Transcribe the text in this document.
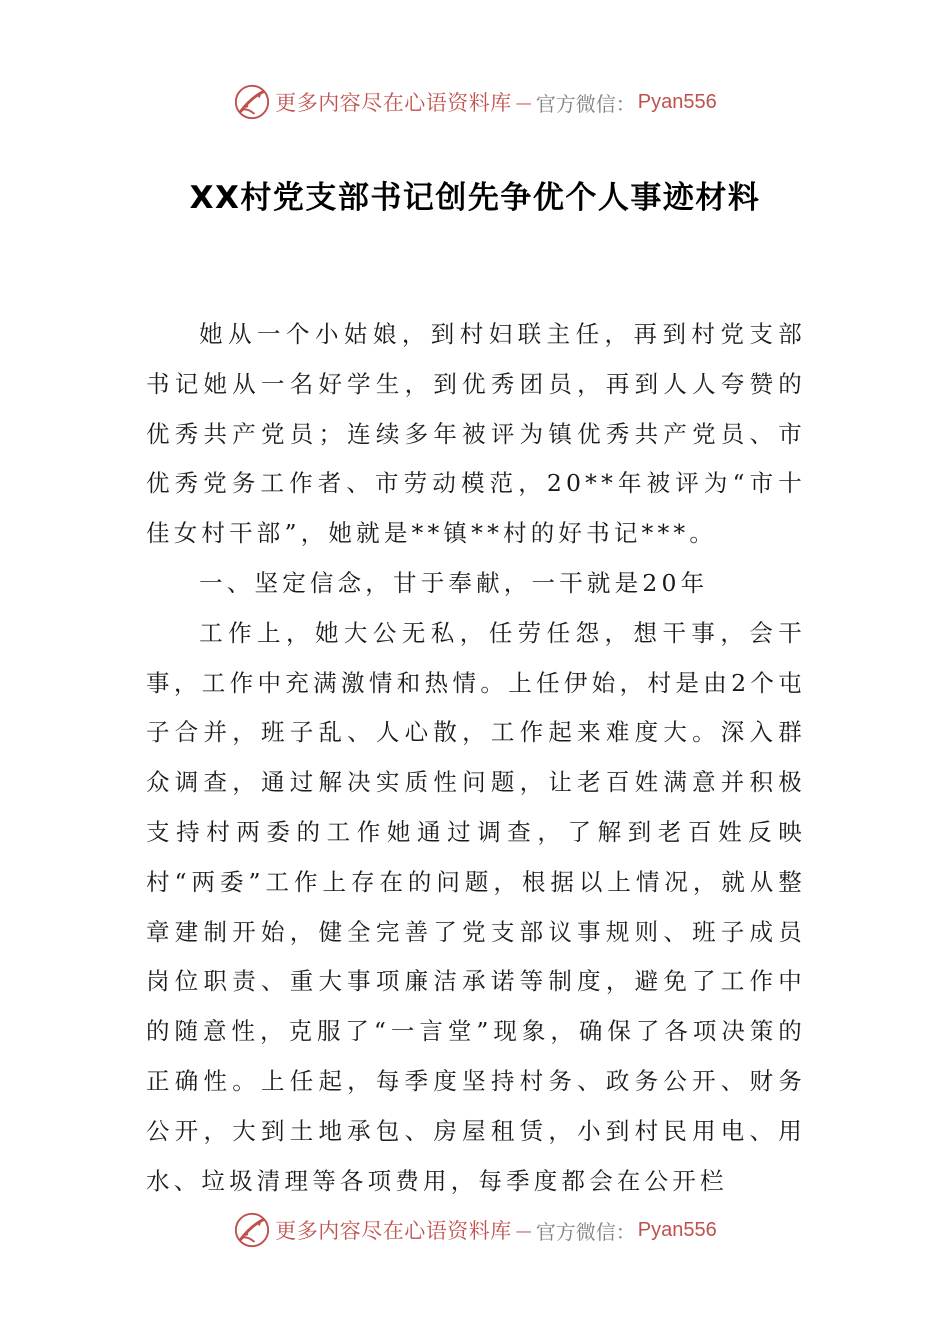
更多内容尽在心语资料库 — 官方微信： Pyan556
XX村党支部书记创先争优个人事迹材料

她从一个小姑娘，到村妇联主任，再到村党支部书记她从一名好学生，到优秀团员，再到人人夸赞的优秀共产党员；连续多年被评为镇优秀共产党员、市优秀党务工作者、市劳动模范，20**年被评为“市十佳女村干部”，她就是**镇**村的好书记***。

一、坚定信念，甘于奉献，一干就是20年

工作上，她大公无私，任劳任怨，想干事，会干事，工作中充满激情和热情。上任伊始，村是由2个屯子合并，班子乱、人心散，工作起来难度大。深入群众调查，通过解决实质性问题，让老百姓满意并积极支持村两委的工作她通过调查，了解到老百姓反映村“两委”工作上存在的问题，根据以上情况，就从整章建制开始，健全完善了党支部议事规则、班子成员岗位职责、重大事项廉洁承诺等制度，避免了工作中的随意性，克服了“一言堂”现象，确保了各项决策的正确性。上任起，每季度坚持村务、政务公开、财务公开，大到土地承包、房屋租赁，小到村民用电、用水、垃圾清理等各项费用，每季度都会在公开栏

更多内容尽在心语资料库 — 官方微信： Pyan556
